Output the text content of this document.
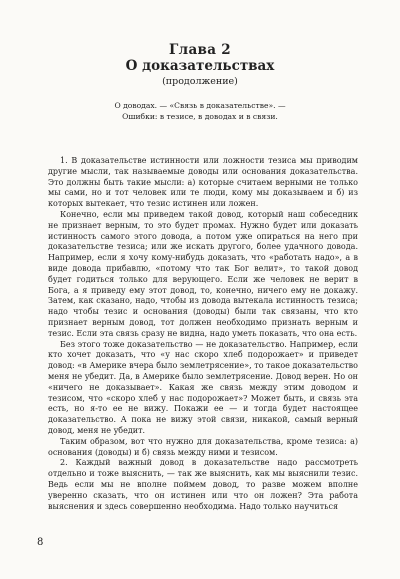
Глава 2
О доказательствах
(продолжение)
О доводах. — «Связь в доказательстве». —
Ошибки: в тезисе, в доводах и в связи.

1. В доказательстве истинности или ложности тезиса мы приводим другие мысли, так называемые доводы или основания доказательства. Это должны быть такие мысли: а) которые считаем верными не только мы сами, но и тот человек или те люди, кому мы доказываем и б) из которых вытекает, что тезис истинен или ложен.

Конечно, если мы приведем такой довод, который наш собеседник не признает верным, то это будет промах. Нужно будет или доказать истинность самого этого довода, а потом уже опираться на него при доказательстве тезиса; или же искать другого, более удачного довода. Например, если я хочу кому-нибудь доказать, что «работать надо», а в виде довода прибавлю, «потому что так Бог велит», то такой довод будет годиться только для верующего. Если же человек не верит в Бога, а я приведу ему этот довод, то, конечно, ничего ему не докажу. Затем, как сказано, надо, чтобы из довода вытекала истинность тезиса; надо чтобы тезис и основания (доводы) были так связаны, что кто признает верным довод, тот должен необходимо признать верным и тезис. Если эта связь сразу не видна, надо уметь показать, что она есть.

Без этого тоже доказательство — не доказательство. Например, если кто хочет доказать, что «у нас скоро хлеб подорожает» и приведет довод: «в Америке вчера было землетрясение», то такое доказательство меня не убедит. Да, в Америке было землетрясение. Довод верен. Но он «ничего не доказывает». Какая же связь между этим доводом и тезисом, что «скоро хлеб у нас подорожает»? Может быть, и связь эта есть, но я-то ее не вижу. Покажи ее — и тогда будет настоящее доказательство. А пока не вижу этой связи, никакой, самый верный довод, меня не убедит.

Таким образом, вот что нужно для доказательства, кроме тезиса: а) основания (доводы) и б) связь между ними и тезисом.

2. Каждый важный довод в доказательстве надо рассмотреть отдельно и тоже выяснить, — так же выяснить, как мы выяснили тезис. Ведь если мы не вполне поймем довод, то разве можем вполне уверенно сказать, что он истинен или что он ложен? Эта работа выяснения и здесь совершенно необходима. Надо только научиться

8
